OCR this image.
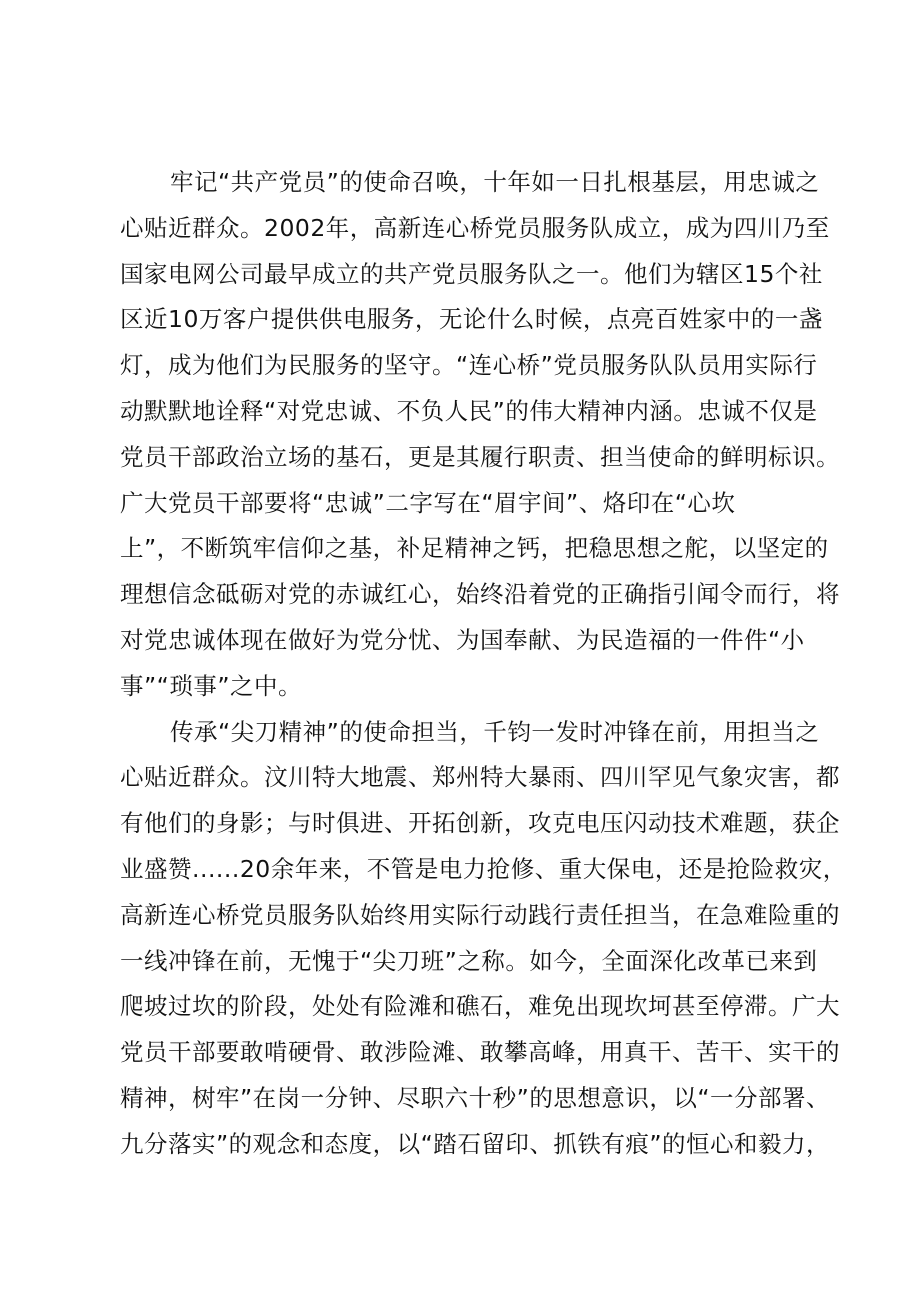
牢记“共产党员”的使命召唤，十年如一日扎根基层，用忠诚之
心贴近群众。2002年，高新连心桥党员服务队成立，成为四川乃至
国家电网公司最早成立的共产党员服务队之一。他们为辖区15个社
区近10万客户提供供电服务，无论什么时候，点亮百姓家中的一盏
灯，成为他们为民服务的坚守。“连心桥”党员服务队队员用实际行
动默默地诠释“对党忠诚、不负人民”的伟大精神内涵。忠诚不仅是
党员干部政治立场的基石，更是其履行职责、担当使命的鲜明标识。
广大党员干部要将“忠诚”二字写在“眉宇间”、烙印在“心坎
上”，不断筑牢信仰之基，补足精神之钙，把稳思想之舵，以坚定的
理想信念砥砺对党的赤诚红心，始终沿着党的正确指引闻令而行，将
对党忠诚体现在做好为党分忧、为国奉献、为民造福的一件件“小
事”“琐事”之中。
传承“尖刀精神”的使命担当，千钧一发时冲锋在前，用担当之
心贴近群众。汶川特大地震、郑州特大暴雨、四川罕见气象灾害，都
有他们的身影；与时俱进、开拓创新，攻克电压闪动技术难题，获企
业盛赞......20余年来，不管是电力抢修、重大保电，还是抢险救灾，
高新连心桥党员服务队始终用实际行动践行责任担当，在急难险重的
一线冲锋在前，无愧于“尖刀班”之称。如今，全面深化改革已来到
爬坡过坎的阶段，处处有险滩和礁石，难免出现坎坷甚至停滞。广大
党员干部要敢啃硬骨、敢涉险滩、敢攀高峰，用真干、苦干、实干的
精神，树牢”在岗一分钟、尽职六十秒”的思想意识，以“一分部署、
九分落实”的观念和态度，以“踏石留印、抓铁有痕”的恒心和毅力，
